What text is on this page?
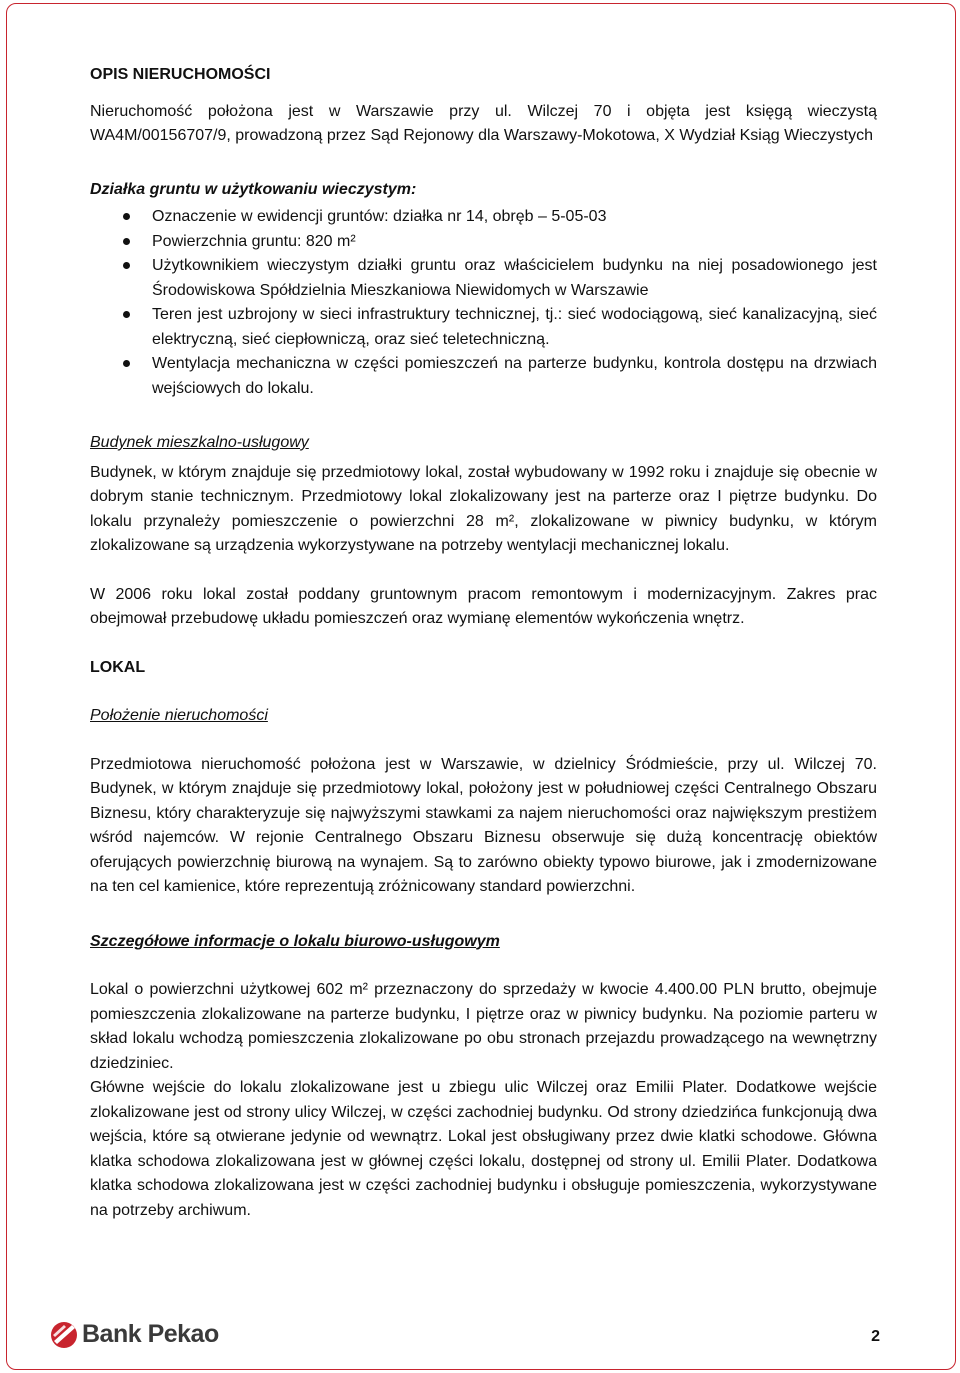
OPIS NIERUCHOMOŚCI

Nieruchomość położona jest w Warszawie przy ul. Wilczej 70 i objęta jest księgą wieczystą WA4M/00156707/9, prowadzoną przez Sąd Rejonowy dla Warszawy-Mokotowa, X Wydział Ksiąg Wieczystych

Działka gruntu w użytkowaniu wieczystym:

Oznaczenie w ewidencji gruntów: działka nr 14, obręb – 5-05-03
Powierzchnia gruntu: 820 m²
Użytkownikiem wieczystym działki gruntu oraz właścicielem budynku na niej posadowionego jest Środowiskowa Spółdzielnia Mieszkaniowa Niewidomych w Warszawie
Teren jest uzbrojony w sieci infrastruktury technicznej, tj.: sieć wodociągową, sieć kanalizacyjną, sieć elektryczną, sieć ciepłowniczą, oraz sieć teletechniczną.
Wentylacja mechaniczna w części pomieszczeń na parterze budynku, kontrola dostępu na drzwiach wejściowych do lokalu.

Budynek mieszkalno-usługowy

Budynek, w którym znajduje się przedmiotowy lokal, został wybudowany w 1992 roku i znajduje się obecnie w dobrym stanie technicznym. Przedmiotowy lokal zlokalizowany jest na parterze oraz I piętrze budynku. Do lokalu przynależy pomieszczenie o powierzchni 28 m², zlokalizowane w piwnicy budynku, w którym zlokalizowane są urządzenia wykorzystywane na potrzeby wentylacji mechanicznej lokalu.

W 2006 roku lokal został poddany gruntownym pracom remontowym i modernizacyjnym. Zakres prac obejmował przebudowę układu pomieszczeń oraz wymianę elementów wykończenia wnętrz.

LOKAL

Położenie nieruchomości

Przedmiotowa nieruchomość położona jest w Warszawie, w dzielnicy Śródmieście, przy ul. Wilczej 70. Budynek, w którym znajduje się przedmiotowy lokal, położony jest w południowej części Centralnego Obszaru Biznesu, który charakteryzuje się najwyższymi stawkami za najem nieruchomości oraz największym prestiżem wśród najemców. W rejonie Centralnego Obszaru Biznesu obserwuje się dużą koncentrację obiektów oferujących powierzchnię biurową na wynajem. Są to zarówno obiekty typowo biurowe, jak i zmodernizowane na ten cel kamienice, które reprezentują zróżnicowany standard powierzchni.

Szczegółowe informacje o lokalu biurowo-usługowym

Lokal o powierzchni użytkowej 602 m² przeznaczony do sprzedaży w kwocie 4.400.00 PLN brutto, obejmuje pomieszczenia zlokalizowane na parterze budynku, I piętrze oraz w piwnicy budynku. Na poziomie parteru w skład lokalu wchodzą pomieszczenia zlokalizowane po obu stronach przejazdu prowadzącego na wewnętrzny dziedziniec.

Główne wejście do lokalu zlokalizowane jest u zbiegu ulic Wilczej oraz Emilii Plater. Dodatkowe wejście zlokalizowane jest od strony ulicy Wilczej, w części zachodniej budynku. Od strony dziedzińca funkcjonują dwa wejścia, które są otwierane jedynie od wewnątrz. Lokal jest obsługiwany przez dwie klatki schodowe. Główna klatka schodowa zlokalizowana jest w głównej części lokalu, dostępnej od strony ul. Emilii Plater. Dodatkowa klatka schodowa zlokalizowana jest w części zachodniej budynku i obsługuje pomieszczenia, wykorzystywane na potrzeby archiwum.

Bank Pekao	2
